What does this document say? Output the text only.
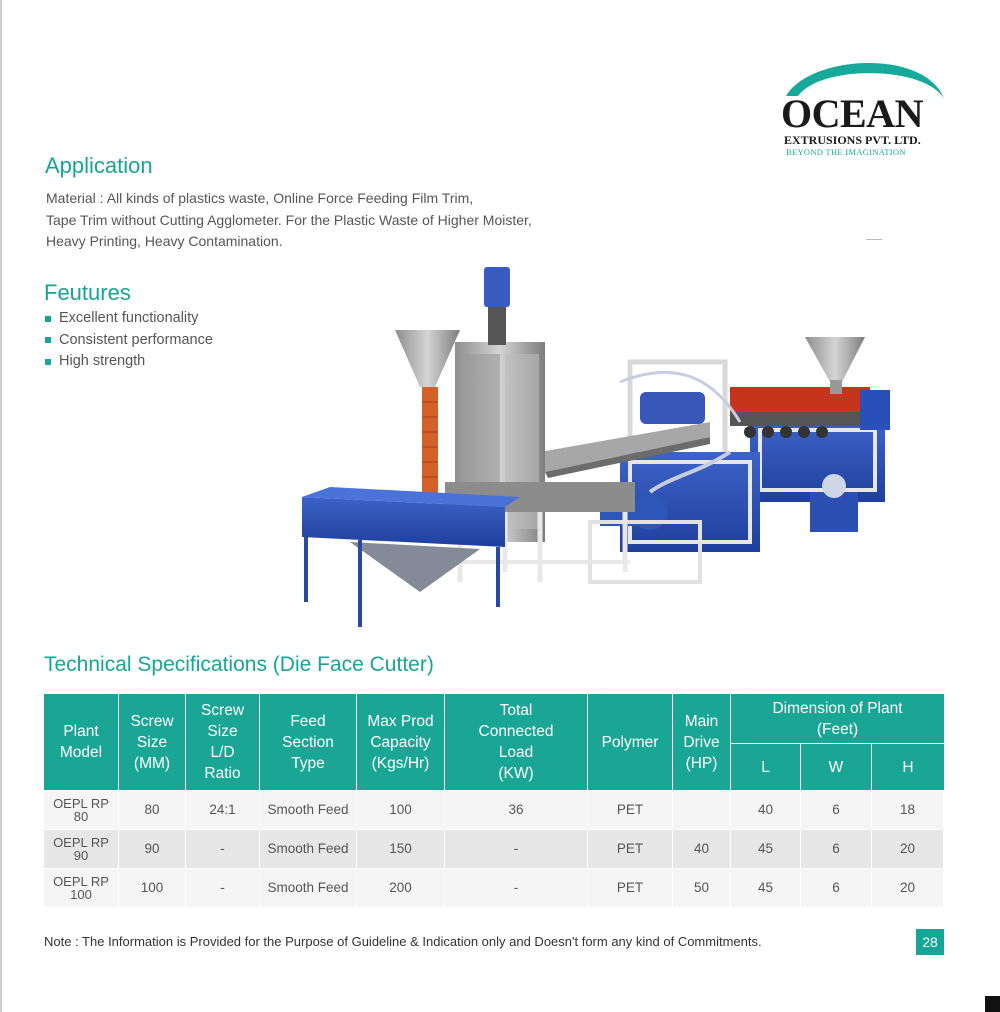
OCEAN
EXTRUSIONS PVT. LTD.
BEYOND THE IMAGINATION
Application
Material : All kinds of plastics waste, Online Force Feeding Film Trim,
Tape Trim without Cutting Agglometer. For the Plastic Waste of Higher Moister,
Heavy Printing, Heavy Contamination.
Feutures
Excellent functionality
Consistent performance
High strength
Technical Specifications (Die Face Cutter)
Plant
Model	Screw
Size
(MM)	Screw
Size
L/D
Ratio	Feed
Section
Type	Max Prod
Capacity
(Kgs/Hr)	Total
Connected
Load
(KW)	Polymer	Main
Drive
(HP)	Dimension of Plant
(Feet)		
								L	W	H
OEPL RP
80	80	24:1	Smooth Feed	100	36	PET		40	6	18
OEPL RP
90	90	-	Smooth Feed	150	-	PET	40	45	6	20
OEPL RP
100	100	-	Smooth Feed	200	-	PET	50	45	6	20
Note : The Information is Provided for the Purpose of Guideline & Indication only and Doesn't form any kind of Commitments.	28
